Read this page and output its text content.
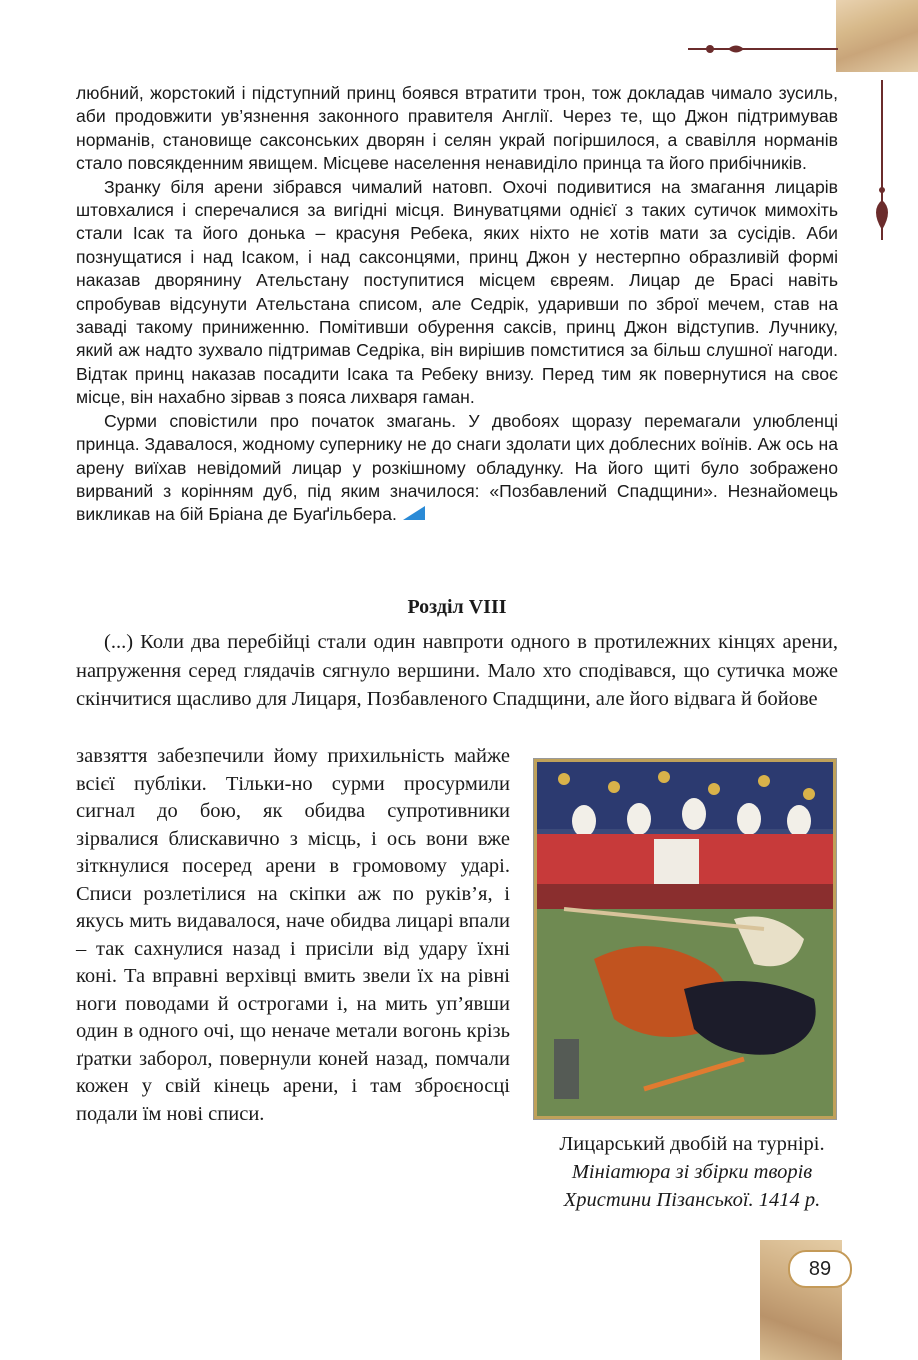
любний, жорстокий і підступний принц боявся втратити трон, тож докладав чимало зусиль, аби продовжити ув’язнення законного правителя Англії. Через те, що Джон підтримував норманів, становище саксонських дворян і селян украй погіршилося, а свавілля норманів стало повсякденним явищем. Місцеве населення ненавиділо принца та його прибічників.

Зранку біля арени зібрався чималий натовп. Охочі подивитися на змагання лицарів штовхалися і сперечалися за вигідні місця. Винуватцями однієї з таких сутичок мимохіть стали Ісак та його донька – красуня Ребека, яких ніхто не хотів мати за сусідів. Аби познущатися і над Ісаком, і над саксонцями, принц Джон у нестерпно образливій формі наказав дворянину Ательстану поступитися місцем євреям. Лицар де Брасі навіть спробував відсунути Ательстана списом, але Седрік, ударивши по зброї мечем, став на заваді такому приниженню. Помітивши обурення саксів, принц Джон відступив. Лучнику, який аж надто зухвало підтримав Седріка, він вирішив помститися за більш слушної нагоди. Відтак принц наказав посадити Ісака та Ребеку внизу. Перед тим як повернутися на своє місце, він нахабно зірвав з пояса лихваря гаман.

Сурми сповістили про початок змагань. У двобоях щоразу перемагали улюбленці принца. Здавалося, жодному супернику не до снаги здолати цих доблесних воїнів. Аж ось на арену виїхав невідомий лицар у розкішному обладунку. На його щиті було зображено вирваний з корінням дуб, під яким значилося: «Позбавлений Спадщини». Незнайомець викликав на бій Бріана де Буаґільбера.

Розділ VIII

(...) Коли два перебійці стали один навпроти одного в протилежних кінцях арени, напруження серед глядачів сягнуло вершини. Мало хто сподівався, що сутичка може скінчитися щасливо для Лицаря, Позбавленого Спадщини, але його відвага й бойове

завзяття забезпечили йому прихильність майже всієї публіки. Тільки-но сурми просурмили сигнал до бою, як обидва супротивники зірвалися блискавично з місць, і ось вони вже зіткнулися посеред арени в громовому ударі. Списи розлетілися на скіпки аж по руків’я, і якусь мить видавалося, наче обидва лицарі впали – так сахнулися назад і присіли від удару їхні коні. Та вправні верхівці вмить звели їх на рівні ноги поводами й острогами і, на мить уп’явши один в одного очі, що неначе метали вогонь крізь ґратки заборол, повернули коней назад, помчали кожен у свій кінець арени, і там зброєносці подали їм нові списи.

Лицарський двобій на турнірі. Мініатюра зі збірки творів Христини Пізанської. 1414 р.
89
